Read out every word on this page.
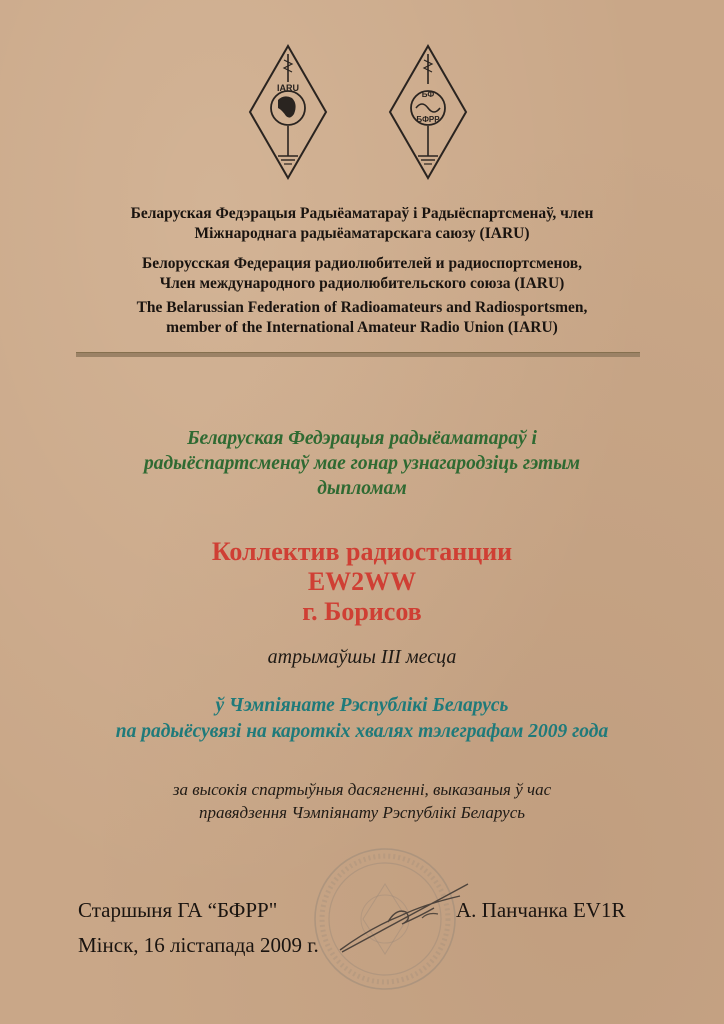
IARU
БФ
БФРР
Беларуская Федэрацыя Радыёаматараў і Радыёспартсменаў, член
Міжнароднага радыёаматарскага саюзу (IARU)
Белорусская Федерация радиолюбителей и радиоспортсменов,
Член международного радиолюбительского союза (IARU)
The Belarussian Federation of Radioamateurs and Radiosportsmen,
member of the International Amateur Radio Union (IARU)
Беларуская Федэрацыя радыёаматараў і
радыёспартсменаў мае гонар узнагародзіць гэтым
дыпломам
Коллектив радиостанции
EW2WW
г. Борисов
атрымаўшы III месца
ў Чэмпіянате Рэспублікі Беларусь
па радыёсувязі на кароткіх хвалях тэлеграфам 2009 года
за высокія спартыўныя дасягненні, выказаныя ў час
правядзення Чэмпіянату Рэспублікі Беларусь
Старшыня ГА “БФРР"	А. Панчанка EV1R
Мінск, 16 лістапада 2009 г.
